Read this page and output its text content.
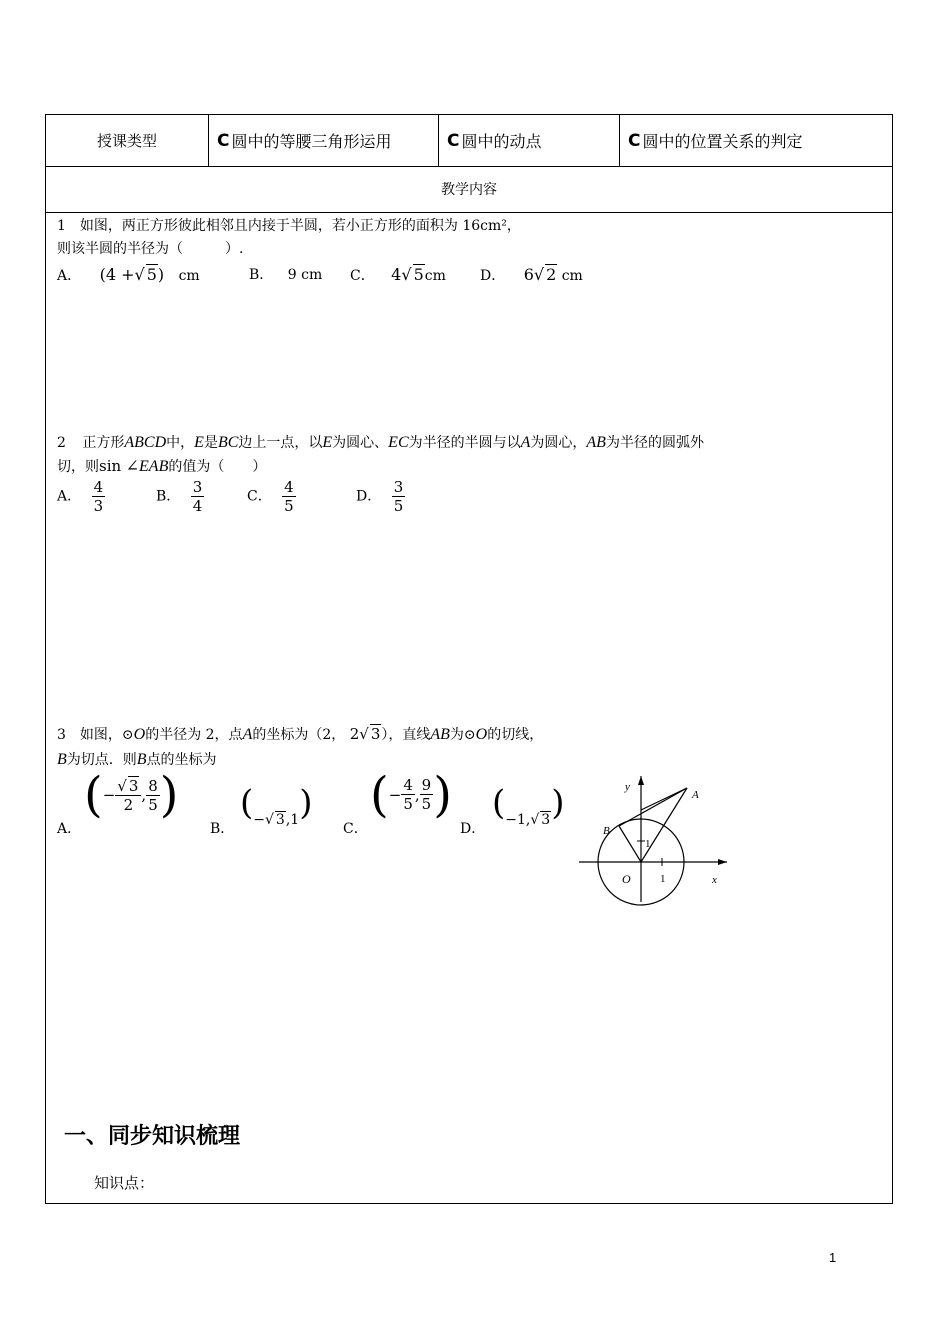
授课类型	C 圆中的等腰三角形运用	C 圆中的动点	C 圆中的位置关系的判定
教学内容
1　如图，两正方形彼此相邻且内接于半圆，若小正方形的面积为 16cm²，
则该半圆的半径为（　　　）.
A． (4 +√ 5) cm	B． 9 cm C． 4√ 5cm D． 6√ 2 cm
2 正方形ABCD中，E是BC边上一点，以E为圆心、EC为半径的半圆与以A为圆心，AB为半径的圆弧外
切，则sin ∠EAB的值为（　　）
A． $\frac{4}{3}$	B． $\frac{3}{4}$	C． $\frac{4}{5}$	D． $\frac{3}{5}$
3　如图，⊙O的半径为 2，点A的坐标为（2， 2√ 3），直线AB为⊙O的切线，
B为切点．则B点的坐标为
A．
( − $\frac{√ 3}{2}$ , $\frac{8}{5}$ )
B．
(−√ 3,1)
C．
( − $\frac{4}{5}$ , $\frac{9}{5}$ )
D．
(−1,√ 3)	y
x
O
A
B
1
1
一、同步知识梳理
知识点：
1
